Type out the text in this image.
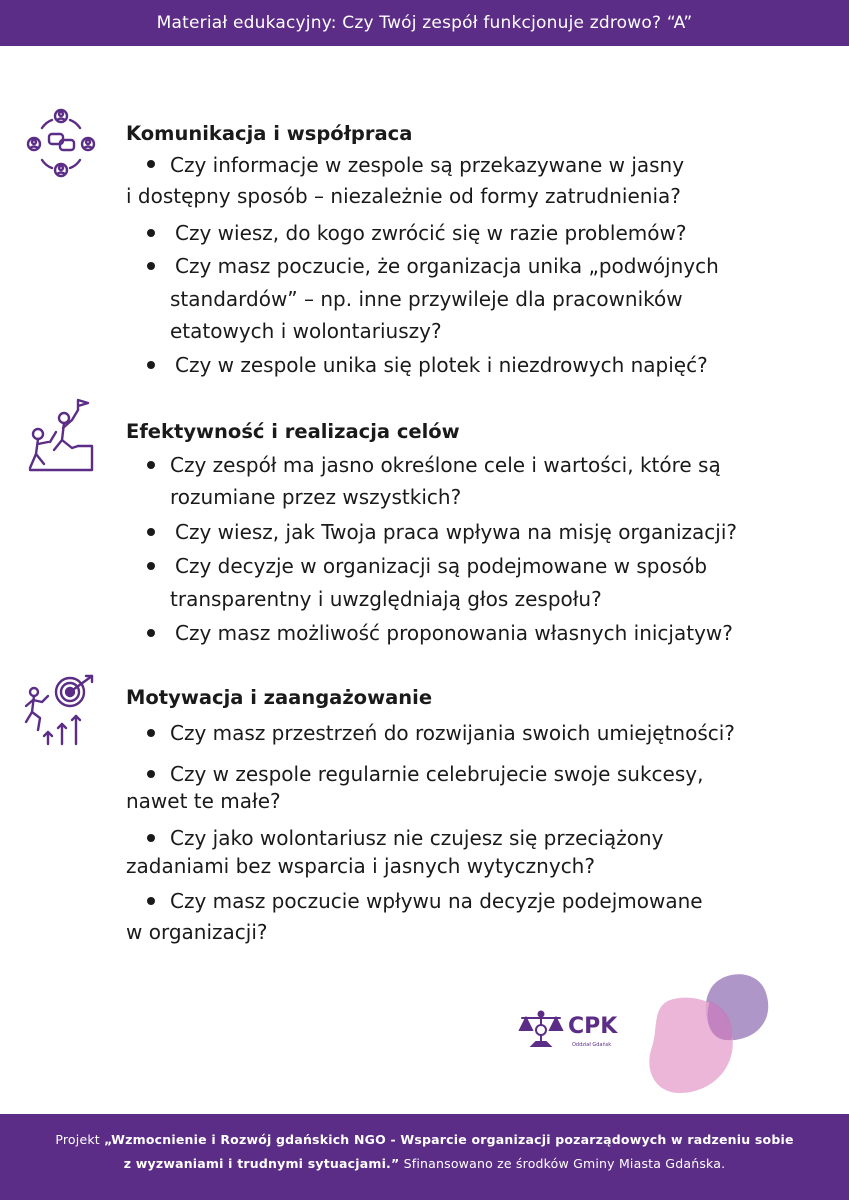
Materiał edukacyjny: Czy Twój zespół funkcjonuje zdrowo? “A”
Komunikacja i współpraca
Czy informacje w zespole są przekazywane w jasny
i dostępny sposób – niezależnie od formy zatrudnienia?
Czy wiesz, do kogo zwrócić się w razie problemów?
Czy masz poczucie, że organizacja unika „podwójnych
standardów” – np. inne przywileje dla pracowników
etatowych i wolontariuszy?
Czy w zespole unika się plotek i niezdrowych napięć?
Efektywność i realizacja celów
Czy zespół ma jasno określone cele i wartości, które są
rozumiane przez wszystkich?
Czy wiesz, jak Twoja praca wpływa na misję organizacji?
Czy decyzje w organizacji są podejmowane w sposób
transparentny i uwzględniają głos zespołu?
Czy masz możliwość proponowania własnych inicjatyw?
Motywacja i zaangażowanie
Czy masz przestrzeń do rozwijania swoich umiejętności?
Czy w zespole regularnie celebrujecie swoje sukcesy,
nawet te małe?
Czy jako wolontariusz nie czujesz się przeciążony
zadaniami bez wsparcia i jasnych wytycznych?
Czy masz poczucie wpływu na decyzje podejmowane
w organizacji?
CPK
Oddział Gdańsk
Projekt „Wzmocnienie i Rozwój gdańskich NGO - Wsparcie organizacji pozarządowych w radzeniu sobie
z wyzwaniami i trudnymi sytuacjami.” Sfinansowano ze środków Gminy Miasta Gdańska.
